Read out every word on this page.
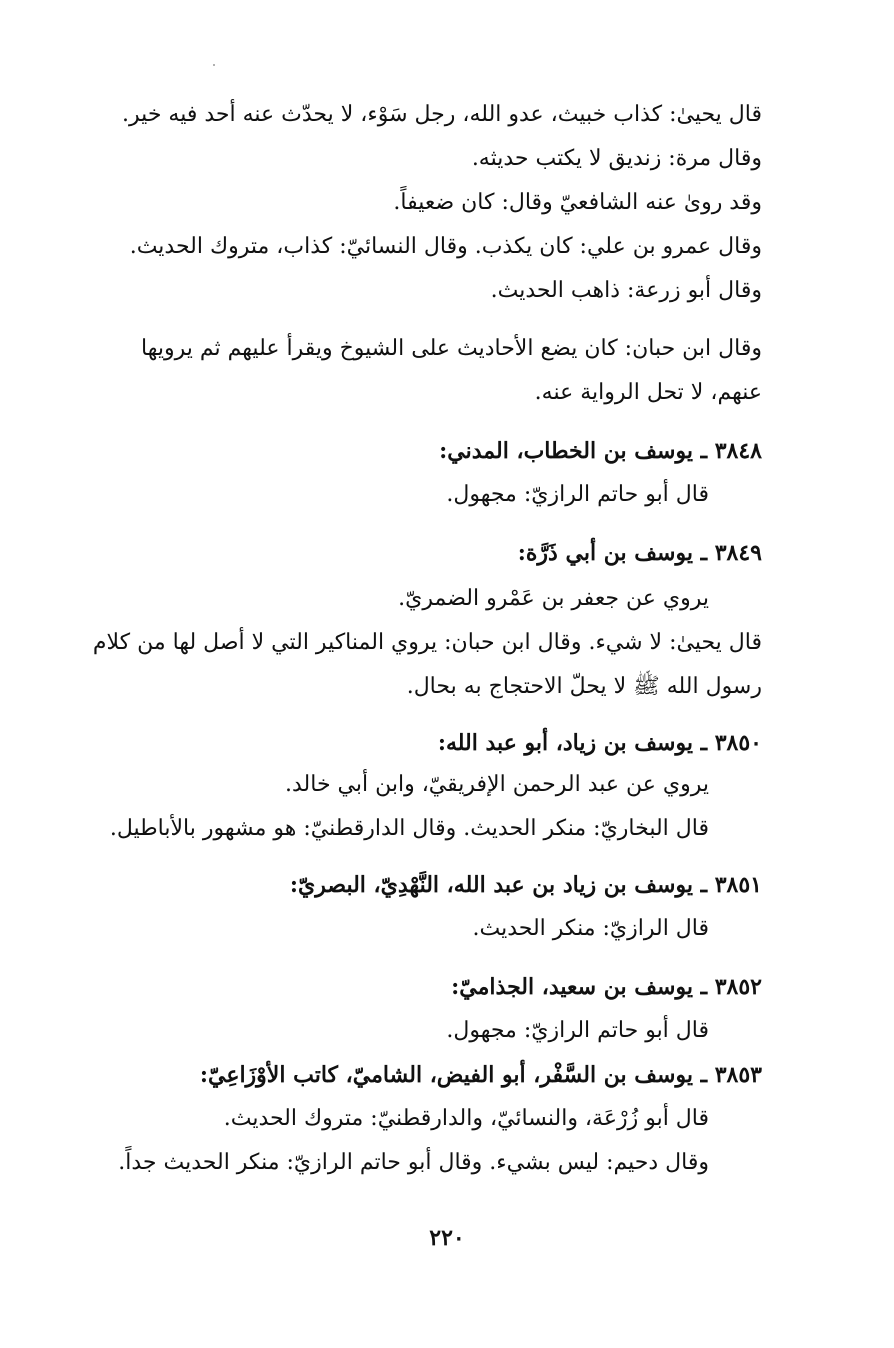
قال يحيىٰ: كذاب خبيث، عدو الله، رجل سَوْء، لا يحدّث عنه أحد فيه خير.
وقال مرة: زنديق لا يكتب حديثه.
وقد روىٰ عنه الشافعيّ وقال: كان ضعيفاً.
وقال عمرو بن علي: كان يكذب. وقال النسائيّ: كذاب، متروك الحديث.
وقال أبو زرعة: ذاهب الحديث.
وقال ابن حبان: كان يضع الأحاديث على الشيوخ ويقرأ عليهم ثم يرويها
عنهم، لا تحل الرواية عنه.
٣٨٤٨ ـ يوسف بن الخطاب، المدني:
قال أبو حاتم الرازيّ: مجهول.
٣٨٤٩ ـ يوسف بن أبي ذَرَّة:
يروي عن جعفر بن عَمْرو الضمريّ.
قال يحيىٰ: لا شيء. وقال ابن حبان: يروي المناكير التي لا أصل لها من كلام
رسول الله ﷺ لا يحلّ الاحتجاج به بحال.
٣٨٥٠ ـ يوسف بن زياد، أبو عبد الله:
يروي عن عبد الرحمن الإفريقيّ، وابن أبي خالد.
قال البخاريّ: منكر الحديث. وقال الدارقطنيّ: هو مشهور بالأباطيل.
٣٨٥١ ـ يوسف بن زياد بن عبد الله، النَّهْدِيّ، البصريّ:
قال الرازيّ: منكر الحديث.
٣٨٥٢ ـ يوسف بن سعيد، الجذاميّ:
قال أبو حاتم الرازيّ: مجهول.
٣٨٥٣ ـ يوسف بن السَّفْر، أبو الفيض، الشاميّ، كاتب الأوْزَاعِيّ:
قال أبو زُرْعَة، والنسائيّ، والدارقطنيّ: متروك الحديث.
وقال دحيم: ليس بشيء. وقال أبو حاتم الرازيّ: منكر الحديث جداً.
٢٢٠
